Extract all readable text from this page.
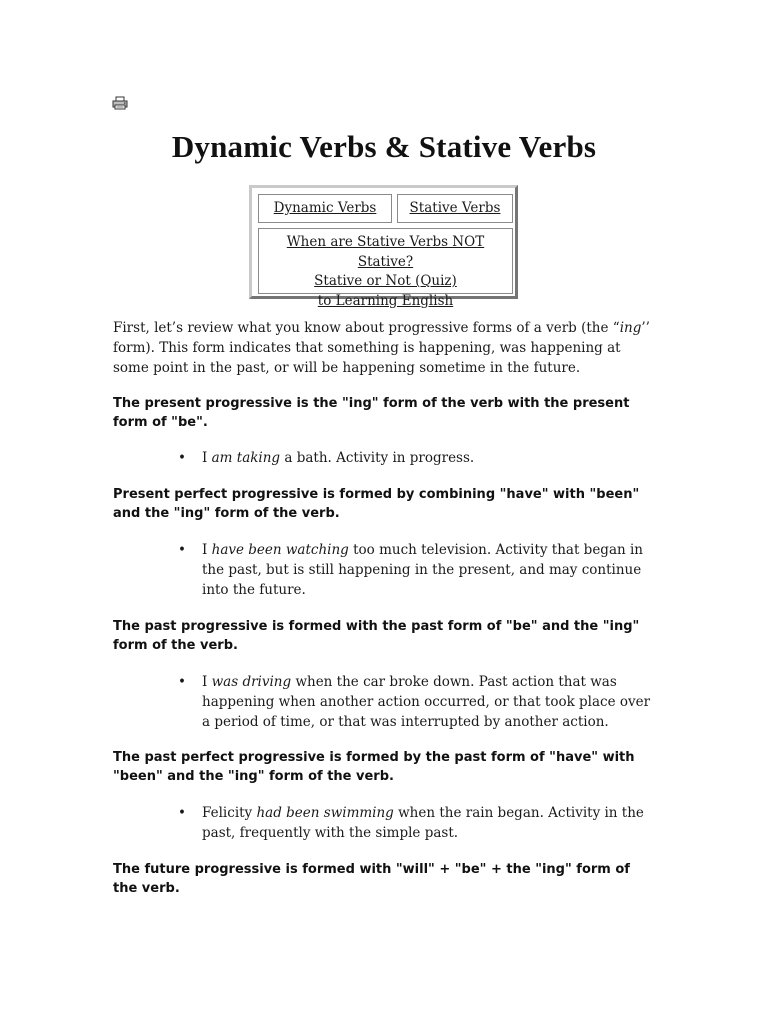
Dynamic Verbs & Stative Verbs
Dynamic Verbs	Stative Verbs
When are Stative Verbs NOT Stative?
Stative or Not (Quiz)
to Learning English

First, let’s review what you know about progressive forms of a verb (the “ing’’ form). This form indicates that something is happening, was happening at some point in the past, or will be happening sometime in the future.

The present progressive is the "ing" form of the verb with the present form of "be".

• I am taking a bath. Activity in progress.

Present perfect progressive is formed by combining "have" with "been" and the "ing" form of the verb.

• I have been watching too much television. Activity that began in the past, but is still happening in the present, and may continue into the future.

The past progressive is formed with the past form of "be" and the "ing" form of the verb.

• I was driving when the car broke down. Past action that was happening when another action occurred, or that took place over a period of time, or that was interrupted by another action.

The past perfect progressive is formed by the past form of "have" with "been" and the "ing" form of the verb.

• Felicity had been swimming when the rain began. Activity in the past, frequently with the simple past.

The future progressive is formed with "will" + "be" + the "ing" form of the verb.
